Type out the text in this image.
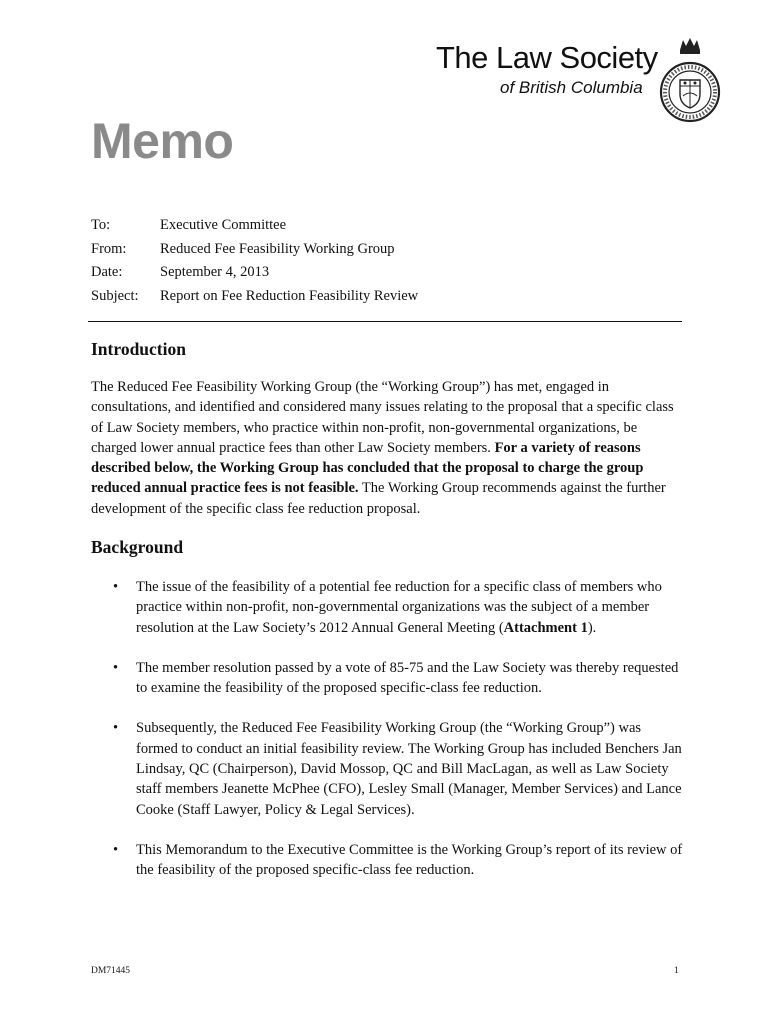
The Law Society
of British Columbia
Memo
To:	Executive Committee
From:	Reduced Fee Feasibility Working Group
Date:	September 4, 2013
Subject:	Report on Fee Reduction Feasibility Review
Introduction

The Reduced Fee Feasibility Working Group (the “Working Group”) has met, engaged in consultations, and identified and considered many issues relating to the proposal that a specific class of Law Society members, who practice within non-profit, non-governmental organizations, be charged lower annual practice fees than other Law Society members. For a variety of reasons described below, the Working Group has concluded that the proposal to charge the group reduced annual practice fees is not feasible. The Working Group recommends against the further development of the specific class fee reduction proposal.

Background
• The issue of the feasibility of a potential fee reduction for a specific class of members who practice within non-profit, non-governmental organizations was the subject of a member resolution at the Law Society’s 2012 Annual General Meeting (Attachment 1).
• The member resolution passed by a vote of 85-75 and the Law Society was thereby requested to examine the feasibility of the proposed specific-class fee reduction.
• Subsequently, the Reduced Fee Feasibility Working Group (the “Working Group”) was formed to conduct an initial feasibility review. The Working Group has included Benchers Jan Lindsay, QC (Chairperson), David Mossop, QC and Bill MacLagan, as well as Law Society staff members Jeanette McPhee (CFO), Lesley Small (Manager, Member Services) and Lance Cooke (Staff Lawyer, Policy & Legal Services).
• This Memorandum to the Executive Committee is the Working Group’s report of its review of the feasibility of the proposed specific-class fee reduction.
DM71445	1
